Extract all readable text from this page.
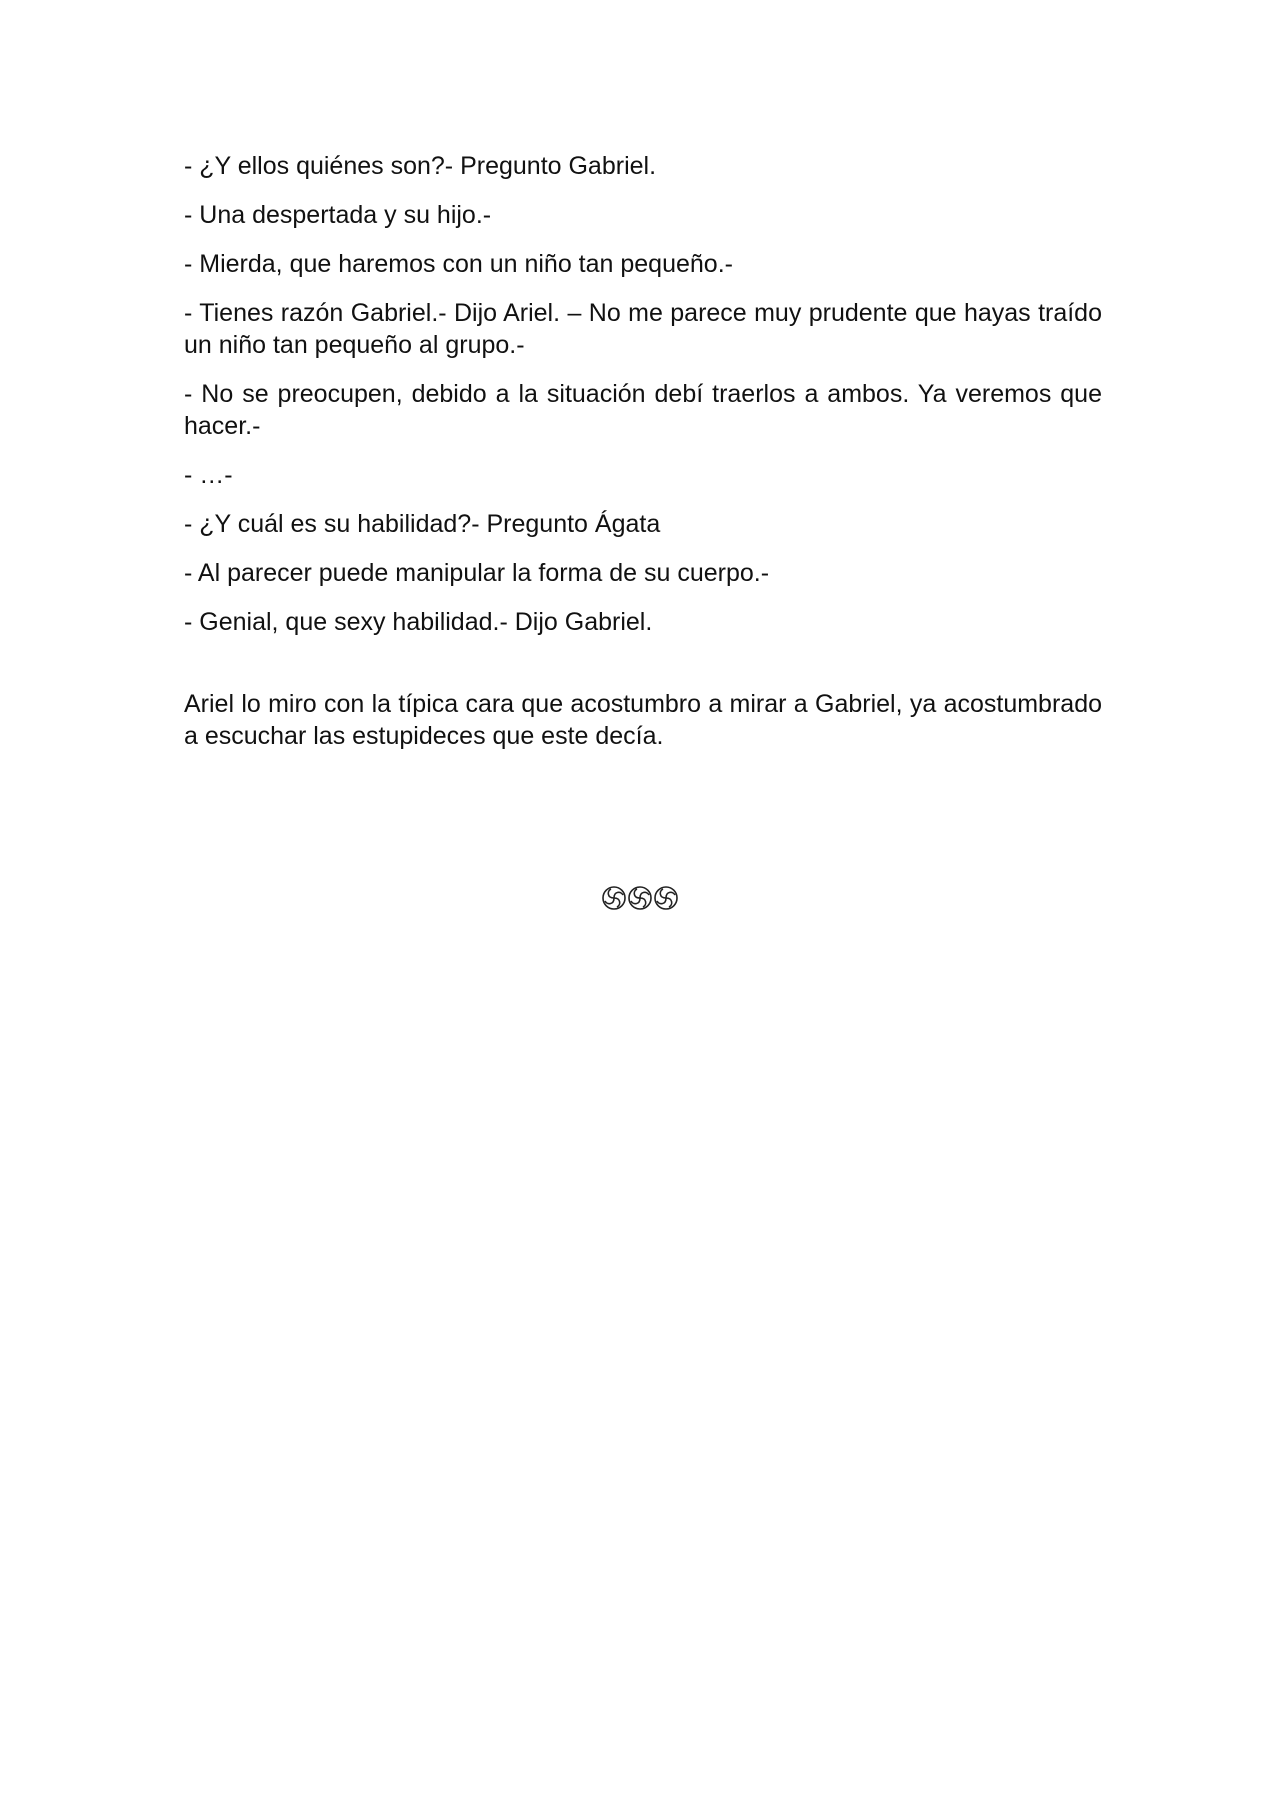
- ¿Y ellos quiénes son?- Pregunto Gabriel.

- Una despertada y su hijo.-

- Mierda, que haremos con un niño tan pequeño.-

- Tienes razón Gabriel.- Dijo Ariel. – No me parece muy prudente que hayas traído un niño tan pequeño al grupo.-

- No se preocupen, debido a la situación debí traerlos a ambos. Ya veremos que hacer.-

- …-

- ¿Y cuál es su habilidad?- Pregunto Ágata

- Al parecer puede manipular la forma de su cuerpo.-

- Genial, que sexy habilidad.- Dijo Gabriel.

Ariel lo miro con la típica cara que acostumbro a mirar a Gabriel, ya acostumbrado a escuchar las estupideces que este decía.
